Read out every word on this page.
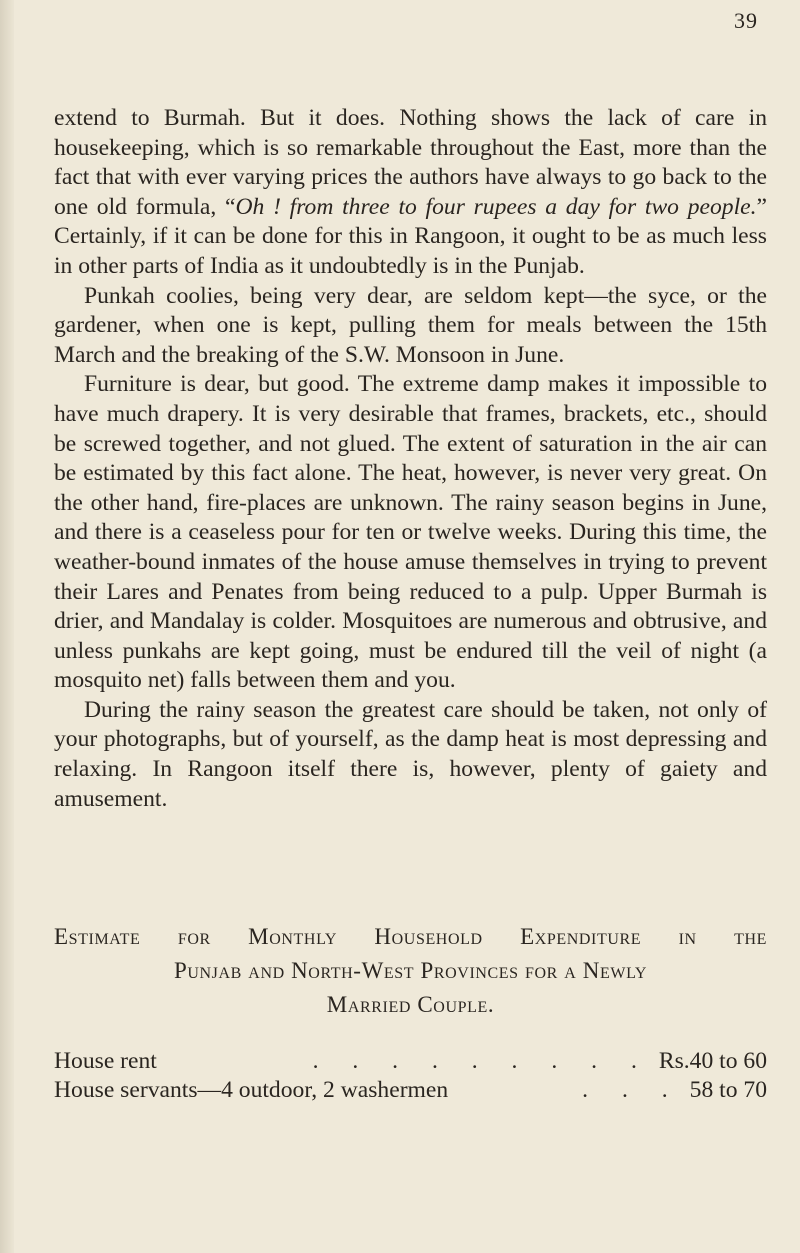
39

extend to Burmah. But it does. Nothing shows the lack of care in housekeeping, which is so remarkable throughout the East, more than the fact that with ever varying prices the authors have always to go back to the one old formula, “Oh ! from three to four rupees a day for two people.” Certainly, if it can be done for this in Rangoon, it ought to be as much less in other parts of India as it undoubtedly is in the Punjab.

Punkah coolies, being very dear, are seldom kept—the syce, or the gardener, when one is kept, pulling them for meals between the 15th March and the breaking of the S.W. Monsoon in June.

Furniture is dear, but good. The extreme damp makes it impossible to have much drapery. It is very desirable that frames, brackets, etc., should be screwed together, and not glued. The extent of saturation in the air can be estimated by this fact alone. The heat, however, is never very great. On the other hand, fire-places are unknown. The rainy season begins in June, and there is a ceaseless pour for ten or twelve weeks. During this time, the weather-bound inmates of the house amuse themselves in trying to prevent their Lares and Penates from being reduced to a pulp. Upper Burmah is drier, and Mandalay is colder. Mosquitoes are numerous and obtrusive, and unless punkahs are kept going, must be endured till the veil of night (a mosquito net) falls between them and you.

During the rainy season the greatest care should be taken, not only of your photographs, but of yourself, as the damp heat is most depressing and relaxing. In Rangoon itself there is, however, plenty of gaiety and amusement.

Estimate for Monthly Household Expenditure in the
Punjab and North-West Provinces for a Newly
Married Couple.
House rent	. . . . . . . . . Rs.40 to 60
House servants—4 outdoor, 2 washermen	. . . 58 to 70
